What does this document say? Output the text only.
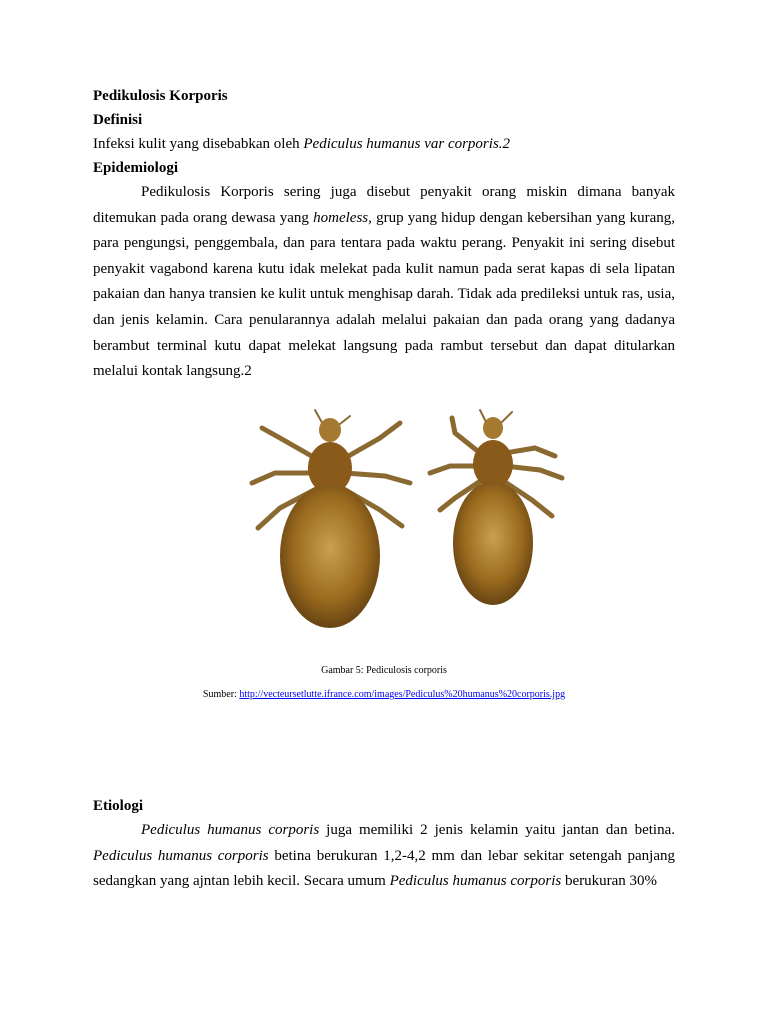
Pedikulosis Korporis

Definisi

Infeksi kulit yang disebabkan oleh Pediculus humanus var corporis.2

Epidemiologi

Pedikulosis Korporis sering juga disebut penyakit orang miskin dimana banyak ditemukan pada orang dewasa yang homeless, grup yang hidup dengan kebersihan yang kurang, para pengungsi, penggembala, dan para tentara pada waktu perang. Penyakit ini sering disebut penyakit vagabond karena kutu idak melekat pada kulit namun pada serat kapas di sela lipatan pakaian dan hanya transien ke kulit untuk menghisap darah. Tidak ada predileksi untuk ras, usia, dan jenis kelamin. Cara penularannya adalah melalui pakaian dan pada orang yang dadanya berambut terminal kutu dapat melekat langsung pada rambut tersebut dan dapat ditularkan melalui kontak langsung.2

Gambar 5: Pediculosis corporis
Sumber: http://vecteursetlutte.ifrance.com/images/Pediculus%20humanus%20corporis.jpg

Etiologi

Pediculus humanus corporis juga memiliki 2 jenis kelamin yaitu jantan dan betina. Pediculus humanus corporis betina berukuran 1,2-4,2 mm dan lebar sekitar setengah panjang sedangkan yang ajntan lebih kecil. Secara umum Pediculus humanus corporis berukuran 30%
